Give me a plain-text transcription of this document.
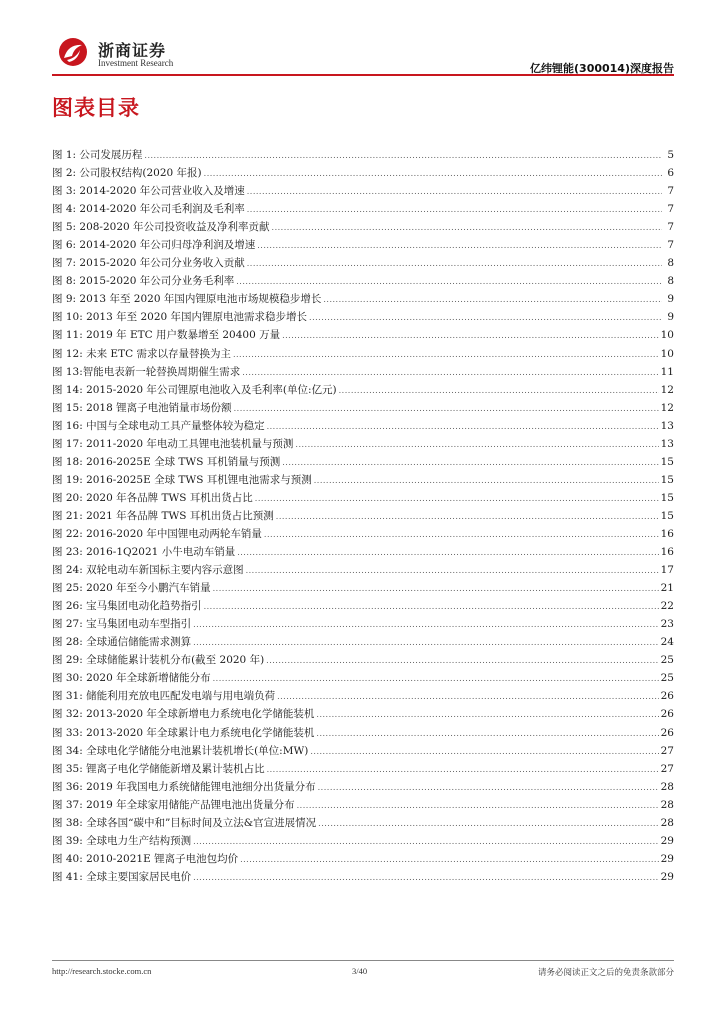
浙商证券
Investment Research	亿纬锂能(300014)深度报告
图表目录
图 1: 公司发展历程 .....	5
图 2: 公司股权结构(2020 年报) .....	6
图 3: 2014-2020 年公司营业收入及增速 .....	7
图 4: 2014-2020 年公司毛利润及毛利率 .....	7
图 5: 208-2020 年公司投资收益及净利率贡献 .....	7
图 6: 2014-2020 年公司归母净利润及增速 .....	7
图 7: 2015-2020 年公司分业务收入贡献 .....	8
图 8: 2015-2020 年公司分业务毛利率 .....	8
图 9: 2013 年至 2020 年国内锂原电池市场规模稳步增长 .....	9
图 10: 2013 年至 2020 年国内锂原电池需求稳步增长 .....	9
图 11: 2019 年 ETC 用户数暴增至 20400 万量 .....	10
图 12: 未来 ETC 需求以存量替换为主 .....	10
图 13:智能电表新一轮替换周期催生需求 .....	11
图 14: 2015-2020 年公司锂原电池收入及毛利率(单位:亿元) .....	12
图 15: 2018 锂离子电池销量市场份额 .....	12
图 16: 中国与全球电动工具产量整体较为稳定 .....	13
图 17: 2011-2020 年电动工具锂电池装机量与预测 .....	13
图 18: 2016-2025E 全球 TWS 耳机销量与预测 .....	15
图 19: 2016-2025E 全球 TWS 耳机锂电池需求与预测 .....	15
图 20: 2020 年各品牌 TWS 耳机出货占比 .....	15
图 21: 2021 年各品牌 TWS 耳机出货占比预测 .....	15
图 22: 2016-2020 年中国锂电动两轮车销量 .....	16
图 23: 2016-1Q2021 小牛电动车销量 .....	16
图 24: 双轮电动车新国标主要内容示意图 .....	17
图 25: 2020 年至今小鹏汽车销量 .....	21
图 26: 宝马集团电动化趋势指引 .....	22
图 27: 宝马集团电动车型指引 .....	23
图 28: 全球通信储能需求测算 .....	24
图 29: 全球储能累计装机分布(截至 2020 年) .....	25
图 30: 2020 年全球新增储能分布 .....	25
图 31: 储能利用充放电匹配发电端与用电端负荷 .....	26
图 32: 2013-2020 年全球新增电力系统电化学储能装机 .....	26
图 33: 2013-2020 年全球累计电力系统电化学储能装机 .....	26
图 34: 全球电化学储能分电池累计装机增长(单位:MW) .....	27
图 35: 锂离子电化学储能新增及累计装机占比 .....	27
图 36: 2019 年我国电力系统储能锂电池细分出货量分布 .....	28
图 37: 2019 年全球家用储能产品锂电池出货量分布 .....	28
图 38: 全球各国“碳中和”目标时间及立法&官宣进展情况 .....	28
图 39: 全球电力生产结构预测 .....	29
图 40: 2010-2021E 锂离子电池包均价 .....	29
图 41: 全球主要国家居民电价 .....	29
http://research.stocke.com.cn	3/40	请务必阅读正文之后的免责条款部分
